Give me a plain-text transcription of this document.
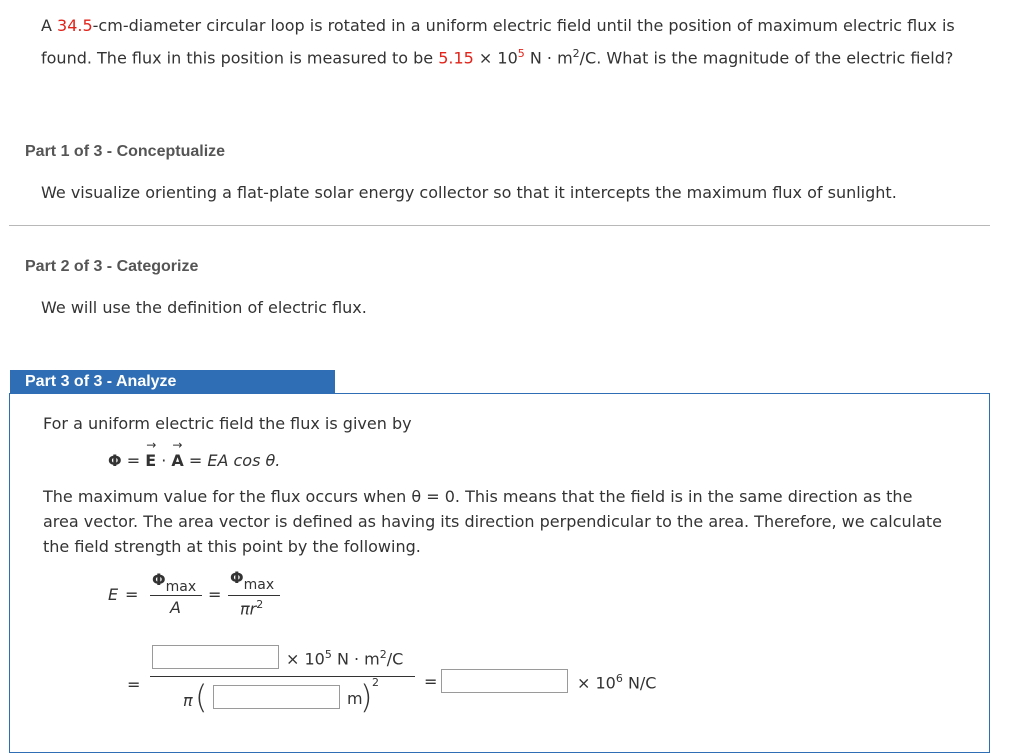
A 34.5-cm-diameter circular loop is rotated in a uniform electric field until the position of maximum electric flux is found. The flux in this position is measured to be $5.15 \times 10^5$ $N \cdot m^2/C$. What is the magnitude of the electric field?
Part 1 of 3 - Conceptualize
We visualize orienting a flat-plate solar energy collector so that it intercepts the maximum flux of sunlight.
Part 2 of 3 - Categorize
We will use the definition of electric flux.
Part 3 of 3 - Analyze
For a uniform electric field the flux is given by
Φ =
→
E ·
→
A = EA cos θ.
The maximum value for the flux occurs when θ = 0. This means that the field is in the same direction as the area vector. The area vector is defined as having its direction perpendicular to the area. Therefore, we calculate the field strength at this point by the following.
E =
Φmax
A
=
Φmax
$\pi r^2$
=
× $10^5$ $N \cdot m^2/C$
π (	m
) 2	=	× $10^6$ N/C
